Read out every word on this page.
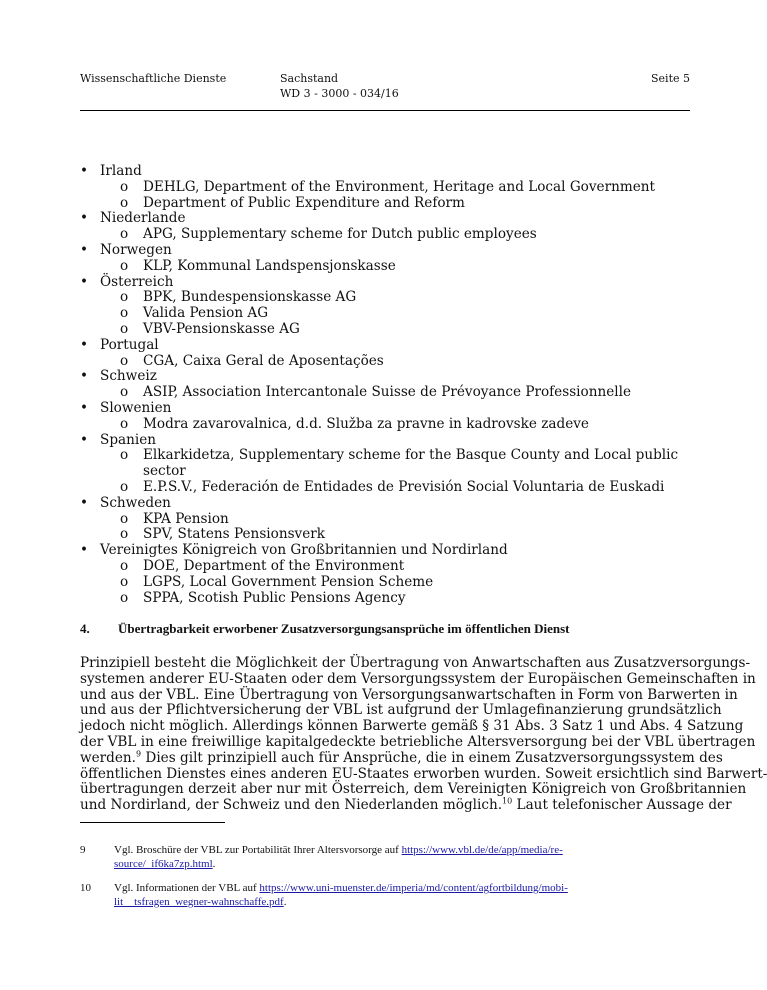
Wissenschaftliche Dienste	Sachstand
WD 3 - 3000 - 034/16
Seite 5
• Irland
o DEHLG, Department of the Environment, Heritage and Local Government
o Department of Public Expenditure and Reform
• Niederlande
o APG, Supplementary scheme for Dutch public employees
• Norwegen
o KLP, Kommunal Landspensjonskasse
• Österreich
o BPK, Bundespensionskasse AG
o Valida Pension AG
o VBV-Pensionskasse AG
• Portugal
o CGA, Caixa Geral de Aposentações
• Schweiz
o ASIP, Association Intercantonale Suisse de Prévoyance Professionnelle
• Slowenien
o Modra zavarovalnica, d.d. Služba za pravne in kadrovske zadeve
• Spanien
o Elkarkidetza, Supplementary scheme for the Basque County and Local public sector
o E.P.S.V., Federación de Entidades de Previsión Social Voluntaria de Euskadi
• Schweden
o KPA Pension
o SPV, Statens Pensionsverk
• Vereinigtes Königreich von Großbritannien und Nordirland
o DOE, Department of the Environment
o LGPS, Local Government Pension Scheme
o SPPA, Scotish Public Pensions Agency
4. Übertragbarkeit erworbener Zusatzversorgungsansprüche im öffentlichen Dienst
Prinzipiell besteht die Möglichkeit der Übertragung von Anwartschaften aus Zusatzversorgungs-
systemen anderer EU-Staaten oder dem Versorgungssystem der Europäischen Gemeinschaften in
und aus der VBL. Eine Übertragung von Versorgungsanwartschaften in Form von Barwerten in
und aus der Pflichtversicherung der VBL ist aufgrund der Umlagefinanzierung grundsätzlich
jedoch nicht möglich. Allerdings können Barwerte gemäß § 31 Abs. 3 Satz 1 und Abs. 4 Satzung
der VBL in eine freiwillige kapitalgedeckte betriebliche Altersversorgung bei der VBL übertragen
werden.$^9$ Dies gilt prinzipiell auch für Ansprüche, die in einem Zusatzversorgungssystem des
öffentlichen Dienstes eines anderen EU-Staates erworben wurden. Soweit ersichtlich sind Barwert-
übertragungen derzeit aber nur mit Österreich, dem Vereinigten Königreich von Großbritannien
und Nordirland, der Schweiz und den Niederlanden möglich.$^{10}$ Laut telefonischer Aussage der
9	Vgl. Broschüre der VBL zur Portabilität Ihrer Altersvorsorge auf https://www.vbl.de/de/app/media/re-
source/_if6ka7zp.html.
10 Vgl. Informationen der VBL auf https://www.uni-muenster.de/imperia/md/content/agfortbildung/mobi-
lit__tsfragen_wegner-wahnschaffe.pdf.
